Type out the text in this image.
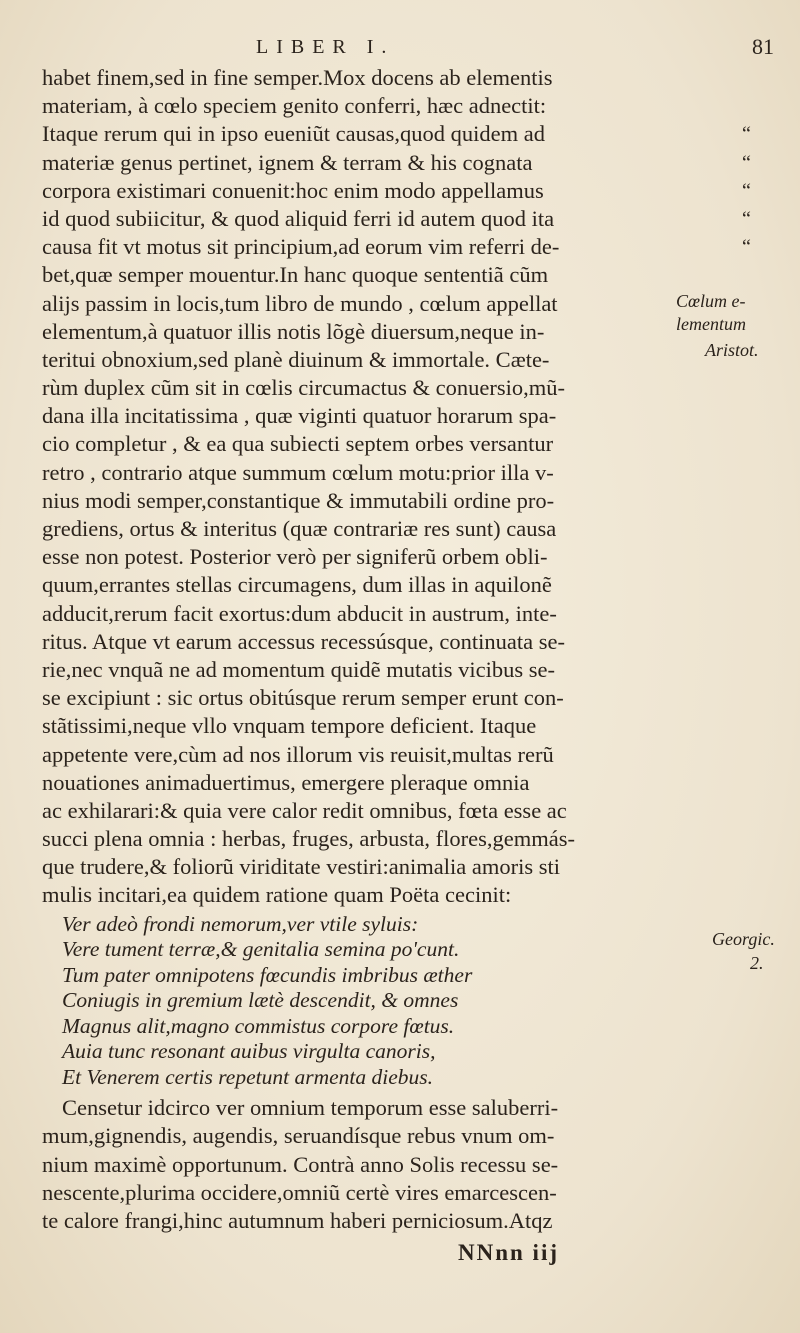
LIBER I.	81
habet finem,sed in fine semper.Mox docens ab elementis
materiam, à cœlo speciem genito conferri, hæc adnectit:
Itaque rerum qui in ipso eueniũt causas,quod quidem ad	“
materiæ genus pertinet, ignem & terram & his cognata	“
corpora existimari conuenit:hoc enim modo appellamus	“
id quod subiicitur, & quod aliquid ferri id autem quod ita	“
causa fit vt motus sit principium,ad eorum vim referri de-	“
bet,quæ semper mouentur.In hanc quoque sententiã cũm
alijs passim in locis,tum libro de mundo , cœlum appellat
elementum,à quatuor illis notis lõgè diuersum,neque in-
teritui obnoxium,sed planè diuinum & immortale. Cæte-
rùm duplex cũm sit in cœlis circumactus & conuersio,mũ-
dana illa incitatissima , quæ viginti quatuor horarum spa-
cio completur , & ea qua subiecti septem orbes versantur
retro , contrario atque summum cœlum motu:prior illa v-
nius modi semper,constantique & immutabili ordine pro-
grediens, ortus & interitus (quæ contrariæ res sunt) causa
esse non potest. Posterior verò per signiferũ orbem obli-
quum,errantes stellas circumagens, dum illas in aquilonẽ
adducit,rerum facit exortus:dum abducit in austrum, inte-
ritus. Atque vt earum accessus recessúsque, continuata se-
rie,nec vnquã ne ad momentum quidẽ mutatis vicibus se-
se excipiunt : sic ortus obitúsque rerum semper erunt con-
stãtissimi,neque vllo vnquam tempore deficient. Itaque
appetente vere,cùm ad nos illorum vis reuisit,multas rerũ
nouationes animaduertimus, emergere pleraque omnia
ac exhilarari:& quia vere calor redit omnibus, fœta esse ac
succi plena omnia : herbas, fruges, arbusta, flores,gemmás-
que trudere,& foliorũ viriditate vestiri:animalia amoris sti
mulis incitari,ea quidem ratione quam Poëta cecinit:
Ver adeò frondi nemorum,ver vtile syluis:
Vere tument terræ,& genitalia semina po'cunt.
Tum pater omnipotens fœcundis imbribus æther
Coniugis in gremium lætè descendit, & omnes
Magnus alit,magno commistus corpore fœtus.
Auia tunc resonant auibus virgulta canoris,
Et Venerem certis repetunt armenta diebus.
Censetur idcirco ver omnium temporum esse saluberri-
mum,gignendis, augendis, seruandísque rebus vnum om-
nium maximè opportunum. Contrà anno Solis recessu se-
nescente,plurima occidere,omniũ certè vires emarcescen-
te calore frangi,hinc autumnum haberi perniciosum.Atqz
Cœlum e-
lementum
Aristot.
Georgic.
2.
NNnn iij
